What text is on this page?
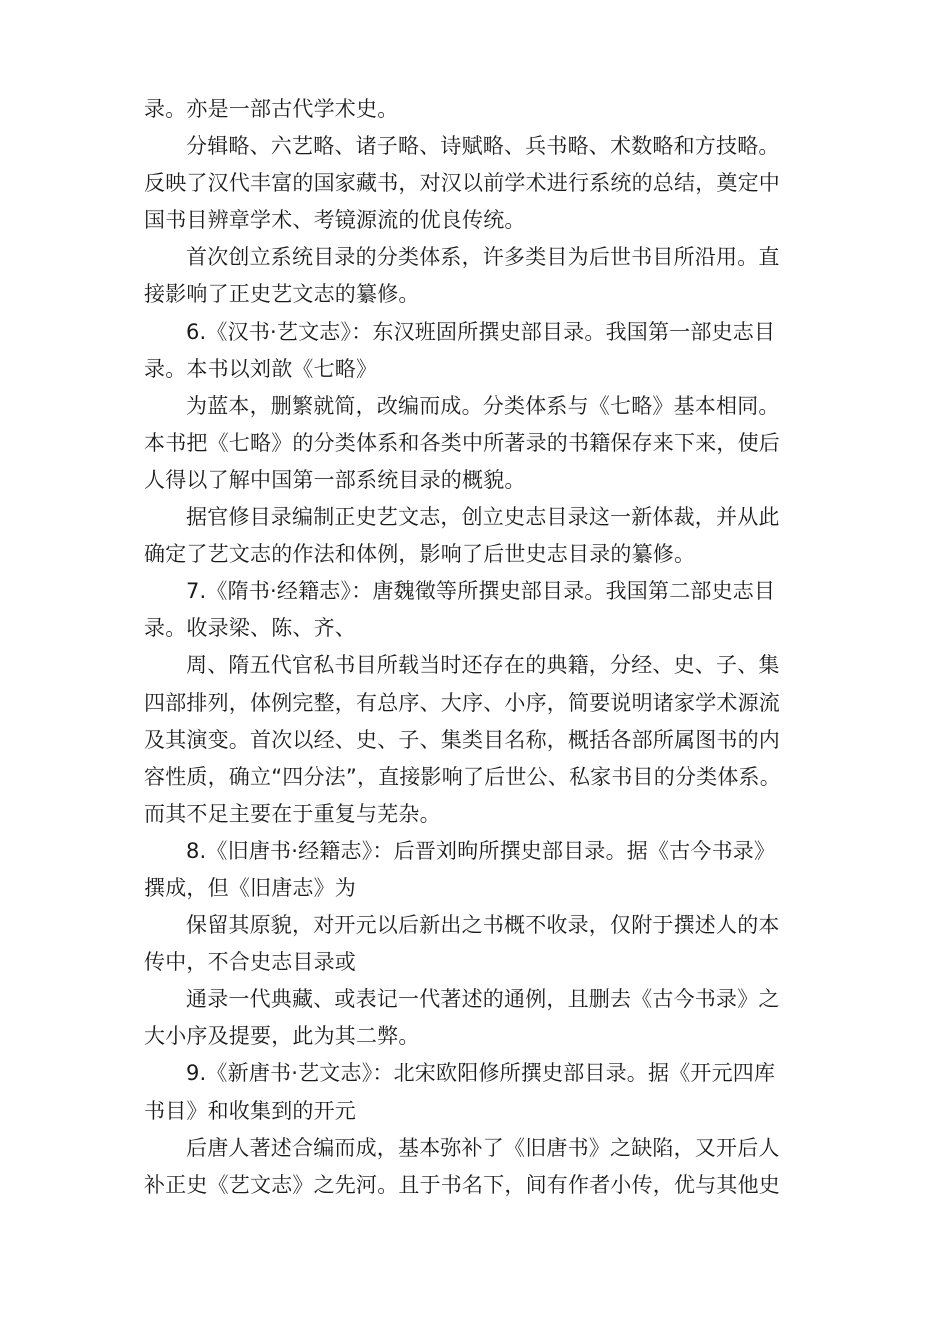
录。亦是一部古代学术史。
分辑略、六艺略、诸子略、诗赋略、兵书略、术数略和方技略。
反映了汉代丰富的国家藏书，对汉以前学术进行系统的总结，奠定中
国书目辨章学术、考镜源流的优良传统。
首次创立系统目录的分类体系，许多类目为后世书目所沿用。直
接影响了正史艺文志的纂修。
6.《汉书·艺文志》：东汉班固所撰史部目录。我国第一部史志目
录。本书以刘歆《七略》
为蓝本，删繁就简，改编而成。分类体系与《七略》基本相同。
本书把《七略》的分类体系和各类中所著录的书籍保存来下来，使后
人得以了解中国第一部系统目录的概貌。
据官修目录编制正史艺文志，创立史志目录这一新体裁，并从此
确定了艺文志的作法和体例，影响了后世史志目录的纂修。
7.《隋书·经籍志》：唐魏徵等所撰史部目录。我国第二部史志目
录。收录梁、陈、齐、
周、隋五代官私书目所载当时还存在的典籍，分经、史、子、集
四部排列，体例完整，有总序、大序、小序，简要说明诸家学术源流
及其演变。首次以经、史、子、集类目名称，概括各部所属图书的内
容性质，确立“四分法”，直接影响了后世公、私家书目的分类体系。
而其不足主要在于重复与芜杂。
8.《旧唐书·经籍志》：后晋刘昫所撰史部目录。据《古今书录》
撰成，但《旧唐志》为
保留其原貌，对开元以后新出之书概不收录，仅附于撰述人的本
传中，不合史志目录或
通录一代典藏、或表记一代著述的通例，且删去《古今书录》之
大小序及提要，此为其二弊。
9.《新唐书·艺文志》：北宋欧阳修所撰史部目录。据《开元四库
书目》和收集到的开元
后唐人著述合编而成，基本弥补了《旧唐书》之缺陷，又开后人
补正史《艺文志》之先河。且于书名下，间有作者小传，优与其他史
